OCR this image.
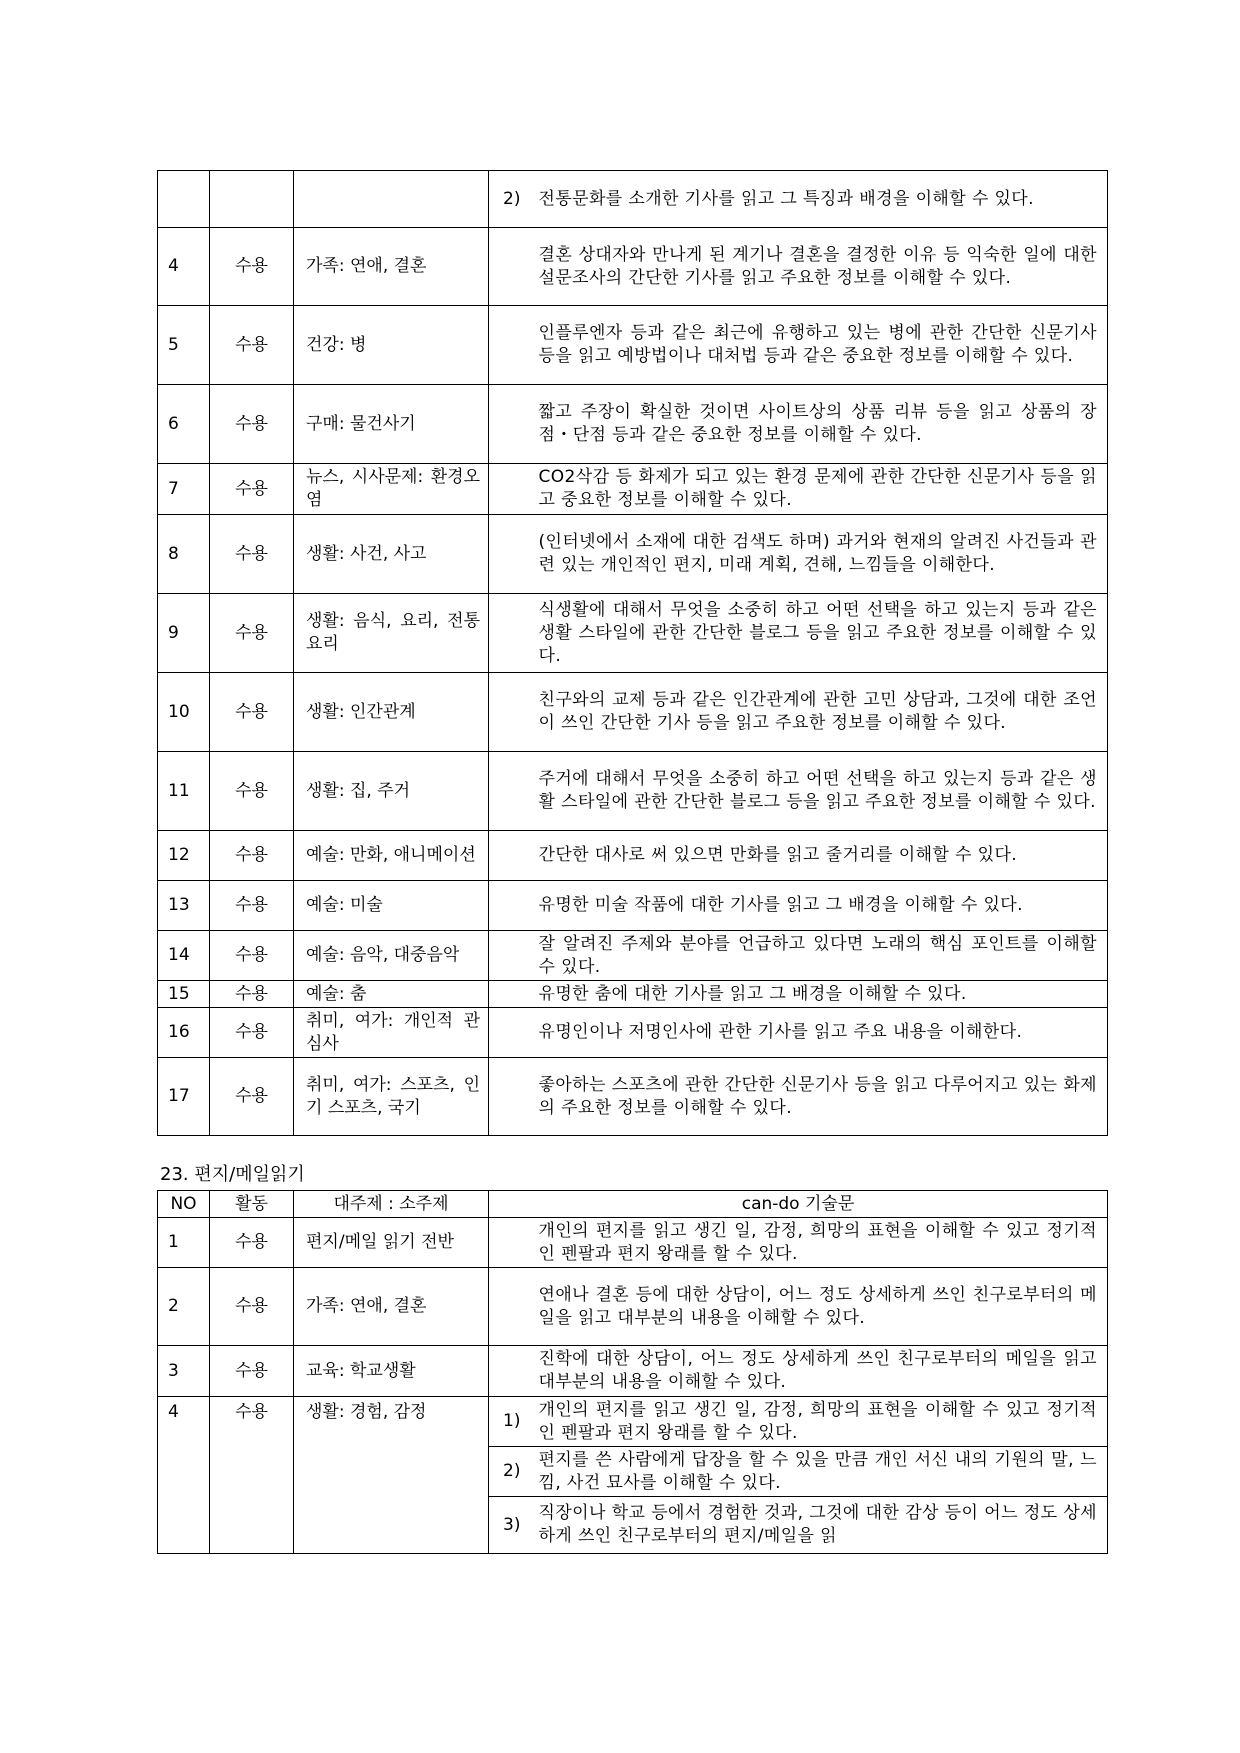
			2)	전통문화를 소개한 기사를 읽고 그 특징과 배경을 이해할 수 있다.
4	수용	가족: 연애, 결혼		결혼 상대자와 만나게 된 계기나 결혼을 결정한 이유 등 익숙한 일에 대한 설문조사의 간단한 기사를 읽고 주요한 정보를 이해할 수 있다.
5	수용	건강: 병		인플루엔자 등과 같은 최근에 유행하고 있는 병에 관한 간단한 신문기사 등을 읽고 예방법이나 대처법 등과 같은 중요한 정보를 이해할 수 있다.
6	수용	구매: 물건사기		짧고 주장이 확실한 것이면 사이트상의 상품 리뷰 등을 읽고 상품의 장점・단점 등과 같은 중요한 정보를 이해할 수 있다.
7	수용	뉴스, 시사문제: 환경오염		CO2삭감 등 화제가 되고 있는 환경 문제에 관한 간단한 신문기사 등을 읽고 중요한 정보를 이해할 수 있다.
8	수용	생활: 사건, 사고		(인터넷에서 소재에 대한 검색도 하며) 과거와 현재의 알려진 사건들과 관련 있는 개인적인 편지, 미래 계획, 견해, 느낌들을 이해한다.
9	수용	생활: 음식, 요리, 전통요리		식생활에 대해서 무엇을 소중히 하고 어떤 선택을 하고 있는지 등과 같은 생활 스타일에 관한 간단한 블로그 등을 읽고 주요한 정보를 이해할 수 있다.
10	수용	생활: 인간관계		친구와의 교제 등과 같은 인간관계에 관한 고민 상담과, 그것에 대한 조언이 쓰인 간단한 기사 등을 읽고 주요한 정보를 이해할 수 있다.
11	수용	생활: 집, 주거		주거에 대해서 무엇을 소중히 하고 어떤 선택을 하고 있는지 등과 같은 생활 스타일에 관한 간단한 블로그 등을 읽고 주요한 정보를 이해할 수 있다.
12	수용	예술: 만화, 애니메이션		간단한 대사로 써 있으면 만화를 읽고 줄거리를 이해할 수 있다.
13	수용	예술: 미술		유명한 미술 작품에 대한 기사를 읽고 그 배경을 이해할 수 있다.
14	수용	예술: 음악, 대중음악		잘 알려진 주제와 분야를 언급하고 있다면 노래의 핵심 포인트를 이해할 수 있다.
15	수용	예술: 춤		유명한 춤에 대한 기사를 읽고 그 배경을 이해할 수 있다.
16	수용	취미, 여가: 개인적 관심사		유명인이나 저명인사에 관한 기사를 읽고 주요 내용을 이해한다.
17	수용	취미, 여가: 스포츠, 인기 스포츠, 국기		좋아하는 스포츠에 관한 간단한 신문기사 등을 읽고 다루어지고 있는 화제의 주요한 정보를 이해할 수 있다.
23. 편지/메일읽기
NO	활동	대주제 : 소주제	can-do 기술문	
1	수용	편지/메일 읽기 전반		개인의 편지를 읽고 생긴 일, 감정, 희망의 표현을 이해할 수 있고 정기적인 펜팔과 편지 왕래를 할 수 있다.
2	수용	가족: 연애, 결혼		연애나 결혼 등에 대한 상담이, 어느 정도 상세하게 쓰인 친구로부터의 메일을 읽고 대부분의 내용을 이해할 수 있다.
3	수용	교육: 학교생활		진학에 대한 상담이, 어느 정도 상세하게 쓰인 친구로부터의 메일을 읽고 대부분의 내용을 이해할 수 있다.
4	수용	생활: 경험, 감정	1)	개인의 편지를 읽고 생긴 일, 감정, 희망의 표현을 이해할 수 있고 정기적인 펜팔과 편지 왕래를 할 수 있다.
			2)	편지를 쓴 사람에게 답장을 할 수 있을 만큼 개인 서신 내의 기원의 말, 느낌, 사건 묘사를 이해할 수 있다.
			3)	직장이나 학교 등에서 경험한 것과, 그것에 대한 감상 등이 어느 정도 상세하게 쓰인 친구로부터의 편지/메일을 읽
